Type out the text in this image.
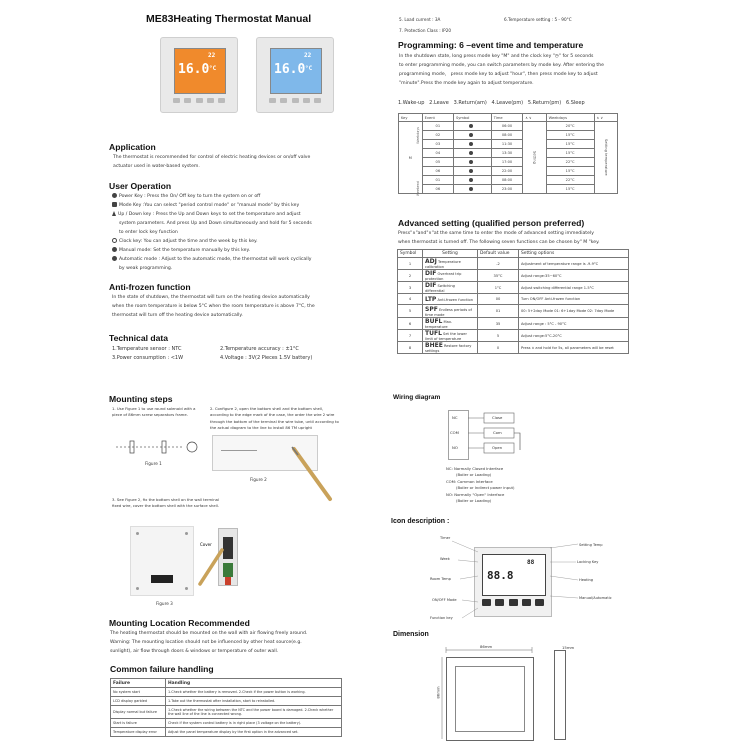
ME83Heating Thermostat Manual
16.0
22
°C	16.0
22
°C
Application
The thermostat is recommended for control of electric heating devices or on/off valve
actuator used in water-based system.
User Operation
Power Key : Press the On/ Off key to turn the system on or off
Mode Key :You can select "period control mode" or "manual mode" by this key
Up / Down key : Press the Up and Down keys to set the temperature and adjust
system parameters. And press Up and Down simultaneously and hold for 5 seconds
to enter lock key function
Clock key: You can adjust the time and the week by this key.
Manual mode: Set the temperature manually by this key.
Automatic mode : Adjust to the automatic mode, the thermostat will work cyclically
by weak programming.
Anti-frozen function
In the state of shutdown, the thermostat will turn on the heating device automatically
when the room temperature is below 5°C when the room temperature is above 7°C, the
thermostat will turn off the heating device automatically.
Technical data
1.Temperature sensor : NTC	2.Temperature accuracy : ±1°C
3.Power consumption : <1W	4.Voltage : 3V(2 Pieces 1.5V battery)
5. Load current : 3A	6.Temperature setting : 5 - 90°C
7. Protection Class : IP20
Programming: 6 –event time and temperature
In the shutdown state, long press mode key "M" and the clock key "◷" for 5 seconds
to enter programming mode, you can switch parameters by mode key. After entering the
programming mode， press mode key to adjust "hour", then press mode key to adjust
"minute".Press the mode key again to adjust temperature.
1.Wake-up   2.Leave   3.Return(am)   4.Leave(pm)   5.Return(pm)   6.Sleep
Key	Event	Symbol	Time	∧ ∨	Weekdays	∧ ∨
M	01		06:00	Setting	20°C	Setting temperature
	02		08:00		15°C	
	03		11:30		15°C	
	04		13:30		15°C	
	05		17:00		22°C	
	06		22:00		15°C	
	01		08:00		22°C	
	06		23:00		15°C	
Weekdays
Weekend
Advanced setting (qualified person preferred)
Press"∧"and"∨"at the same time to enter the mode of advanced setting immediately
when thermostat is turned off. The following seven functions can be chosen by" M "key.
Symbol	Setting	Default value	Setting options
1	ADJ Temperature calibration	-2	Adjustment of temperature range is -9-9°C
2	DIF Overheat trip protection	35°C	Adjust range:35~60°C
3	DIF Switching differential	1°C	Adjust switching differential range 1-5°C
4	LTP Anti-frozen function	00	Turn ON/OFF Anti-frozen function
5	SPF Endless periods of time mode	01	00: 5+2day Mode 01: 6+1day Mode 02: 7day Mode
6	BUFL Max. temperature	35	Adjust range : 5°C - 90°C
7	TUFL Set the lower limit of temperature	5	Adjust range:5°C-20°C
8	BHEE Restore factory settings	0	Press ∧ and hold for 5s, all parameters will be reset
Mounting steps
1. Use Figure 1 to use round solenoid with a piece of 86mm screw separators frame.
2. Configure 2, open the bottom shell and the bottom shell, according to the edge mark of the case, the order the wire 2 wire through the bottom of the terminal the wire tube, until according to the actual diagram to the line to install 86 TM upright
Figure 1
Figure 2
3. See Figure 2, fix the bottom shell on the wall terminal fixed wire, cover the bottom shell with the surface shell.
Cover
Figure 3
Mounting Location Recommended
The heating thermostat should be mounted on the wall with air flowing freely around.
Warning: The mounting location should not be influenced by other heat source(e.g.
sunlight), air flow through doors & windows or temperature of outer wall.
Common failure handling
Failure	Handling
No system start	1.Check whether the battery is removed. 2.Check if the power button is working.
LCD display garbled	1.Take out the thermostat after installation, start to reinstalled.
Display normal but failure	1.Check whether the wiring between the NTC and the power board is damaged. 2.Check whether the wall line of the line is connected wrong.
Start is failure	Check if the system control battery is in right place (3 voltage on the battery).
Temperature display error	Adjust the panel temperature display by the first option in the advanced set.
Wiring diagram
NC
COM
NO
Close
Com
Open
NC: Normally Closed Interface
(Boiler or Loading)
COM: Common Interface
(Boiler or Indirect power input)
NO: Normally "Open" Interface
(Boiler or Loading)
Icon description :
88.8
88
Timer
Week
Room Temp
ON/OFF Mode
Function key
Setting Temp
Locking Key
Heating
Manual/Automatic
Dimension
86mm
86mm
15mm
